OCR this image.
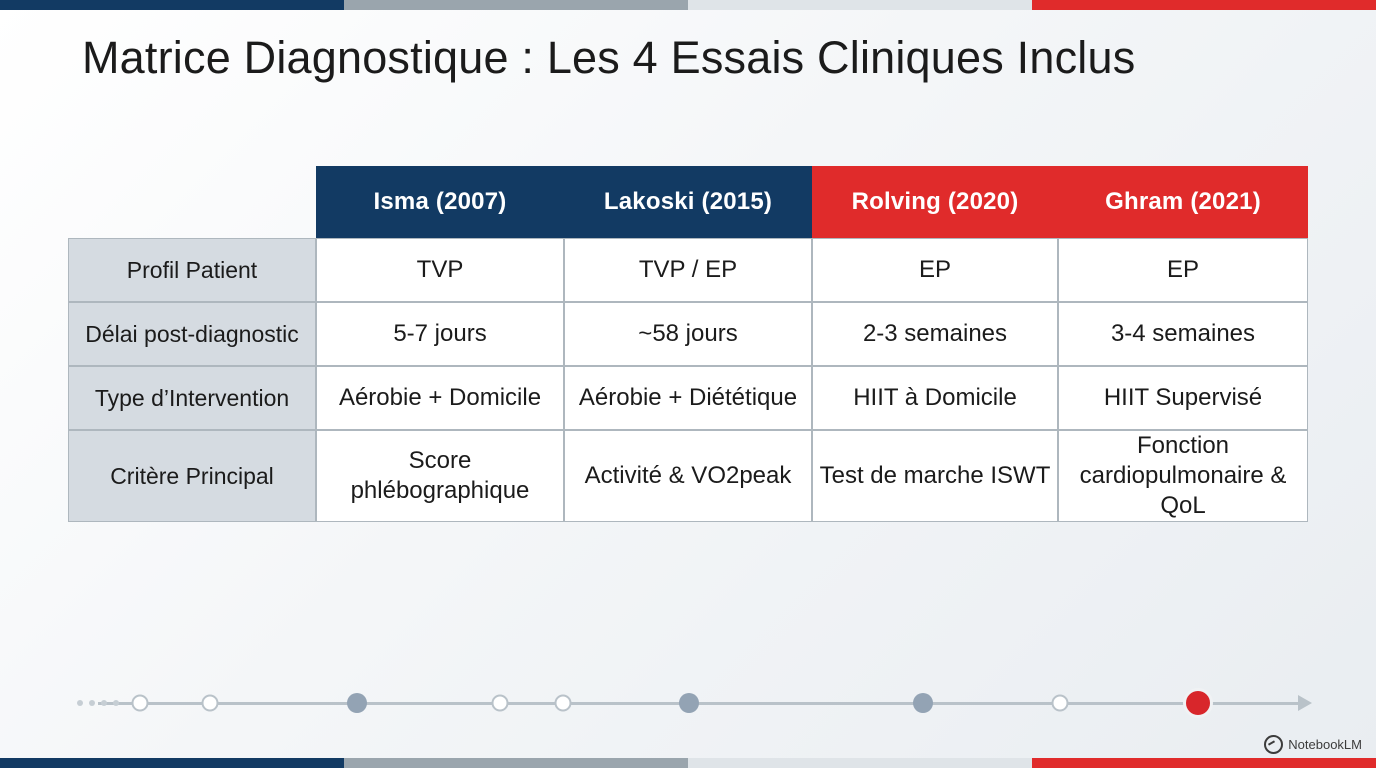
Matrice Diagnostique : Les 4 Essais Cliniques Inclus

	Isma (2007)	Lakoski (2015)	Rolving (2020)	Ghram (2021)

Profil Patient	TVP	TVP / EP	EP	EP
Délai post-diagnostic	5-7 jours	~58 jours	2-3 semaines	3-4 semaines
Type d’Intervention	Aérobie + Domicile	Aérobie + Diététique	HIIT à Domicile	HIIT Supervisé
Critère Principal	Score phlébographique	Activité & VO2peak	Test de marche ISWT	Fonction cardiopulmonaire & QoL
NotebookLM
